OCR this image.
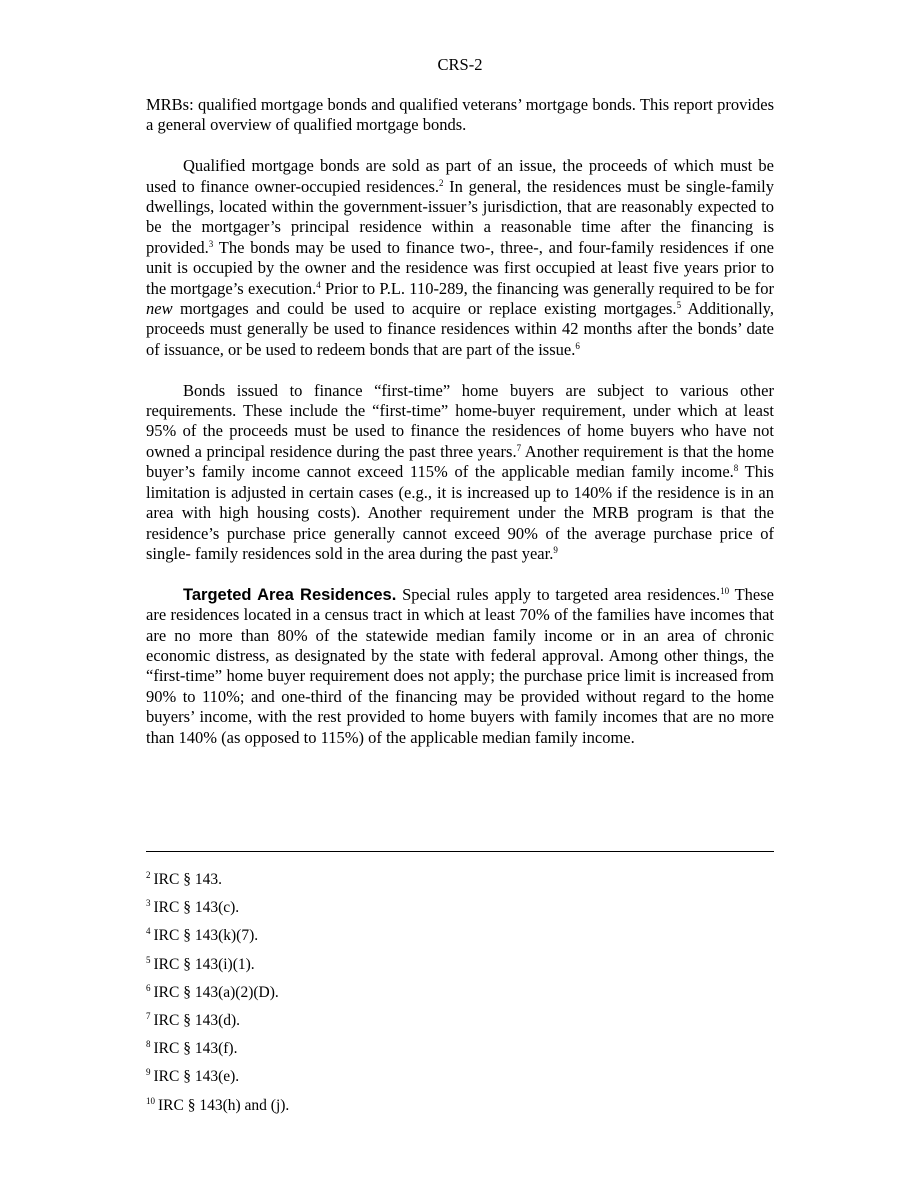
CRS-2

MRBs: qualified mortgage bonds and qualified veterans’ mortgage bonds. This report provides a general overview of qualified mortgage bonds.

Qualified mortgage bonds are sold as part of an issue, the proceeds of which must be used to finance owner-occupied residences.$^2$ In general, the residences must be single-family dwellings, located within the government-issuer’s jurisdiction, that are reasonably expected to be the mortgager’s principal residence within a reasonable time after the financing is provided.$^3$ The bonds may be used to finance two-, three-, and four-family residences if one unit is occupied by the owner and the residence was first occupied at least five years prior to the mortgage’s execution.$^4$ Prior to P.L. 110-289, the financing was generally required to be for new mortgages and could be used to acquire or replace existing mortgages.$^5$ Additionally, proceeds must generally be used to finance residences within 42 months after the bonds’ date of issuance, or be used to redeem bonds that are part of the issue.$^6$

Bonds issued to finance “first-time” home buyers are subject to various other requirements. These include the “first-time” home-buyer requirement, under which at least 95% of the proceeds must be used to finance the residences of home buyers who have not owned a principal residence during the past three years.$^7$ Another requirement is that the home buyer’s family income cannot exceed 115% of the applicable median family income.$^8$ This limitation is adjusted in certain cases (e.g., it is increased up to 140% if the residence is in an area with high housing costs). Another requirement under the MRB program is that the residence’s purchase price generally cannot exceed 90% of the average purchase price of single- family residences sold in the area during the past year.$^9$

Targeted Area Residences. Special rules apply to targeted area residences.$^{10}$ These are residences located in a census tract in which at least 70% of the families have incomes that are no more than 80% of the statewide median family income or in an area of chronic economic distress, as designated by the state with federal approval. Among other things, the “first-time” home buyer requirement does not apply; the purchase price limit is increased from 90% to 110%; and one-third of the financing may be provided without regard to the home buyers’ income, with the rest provided to home buyers with family incomes that are no more than 140% (as opposed to 115%) of the applicable median family income.

$^2$ IRC § 143.
$^3$ IRC § 143(c).
$^4$ IRC § 143(k)(7).
$^5$ IRC § 143(i)(1).
$^6$ IRC § 143(a)(2)(D).
$^7$ IRC § 143(d).
$^8$ IRC § 143(f).
$^9$ IRC § 143(e).
$^{10}$ IRC § 143(h) and (j).
